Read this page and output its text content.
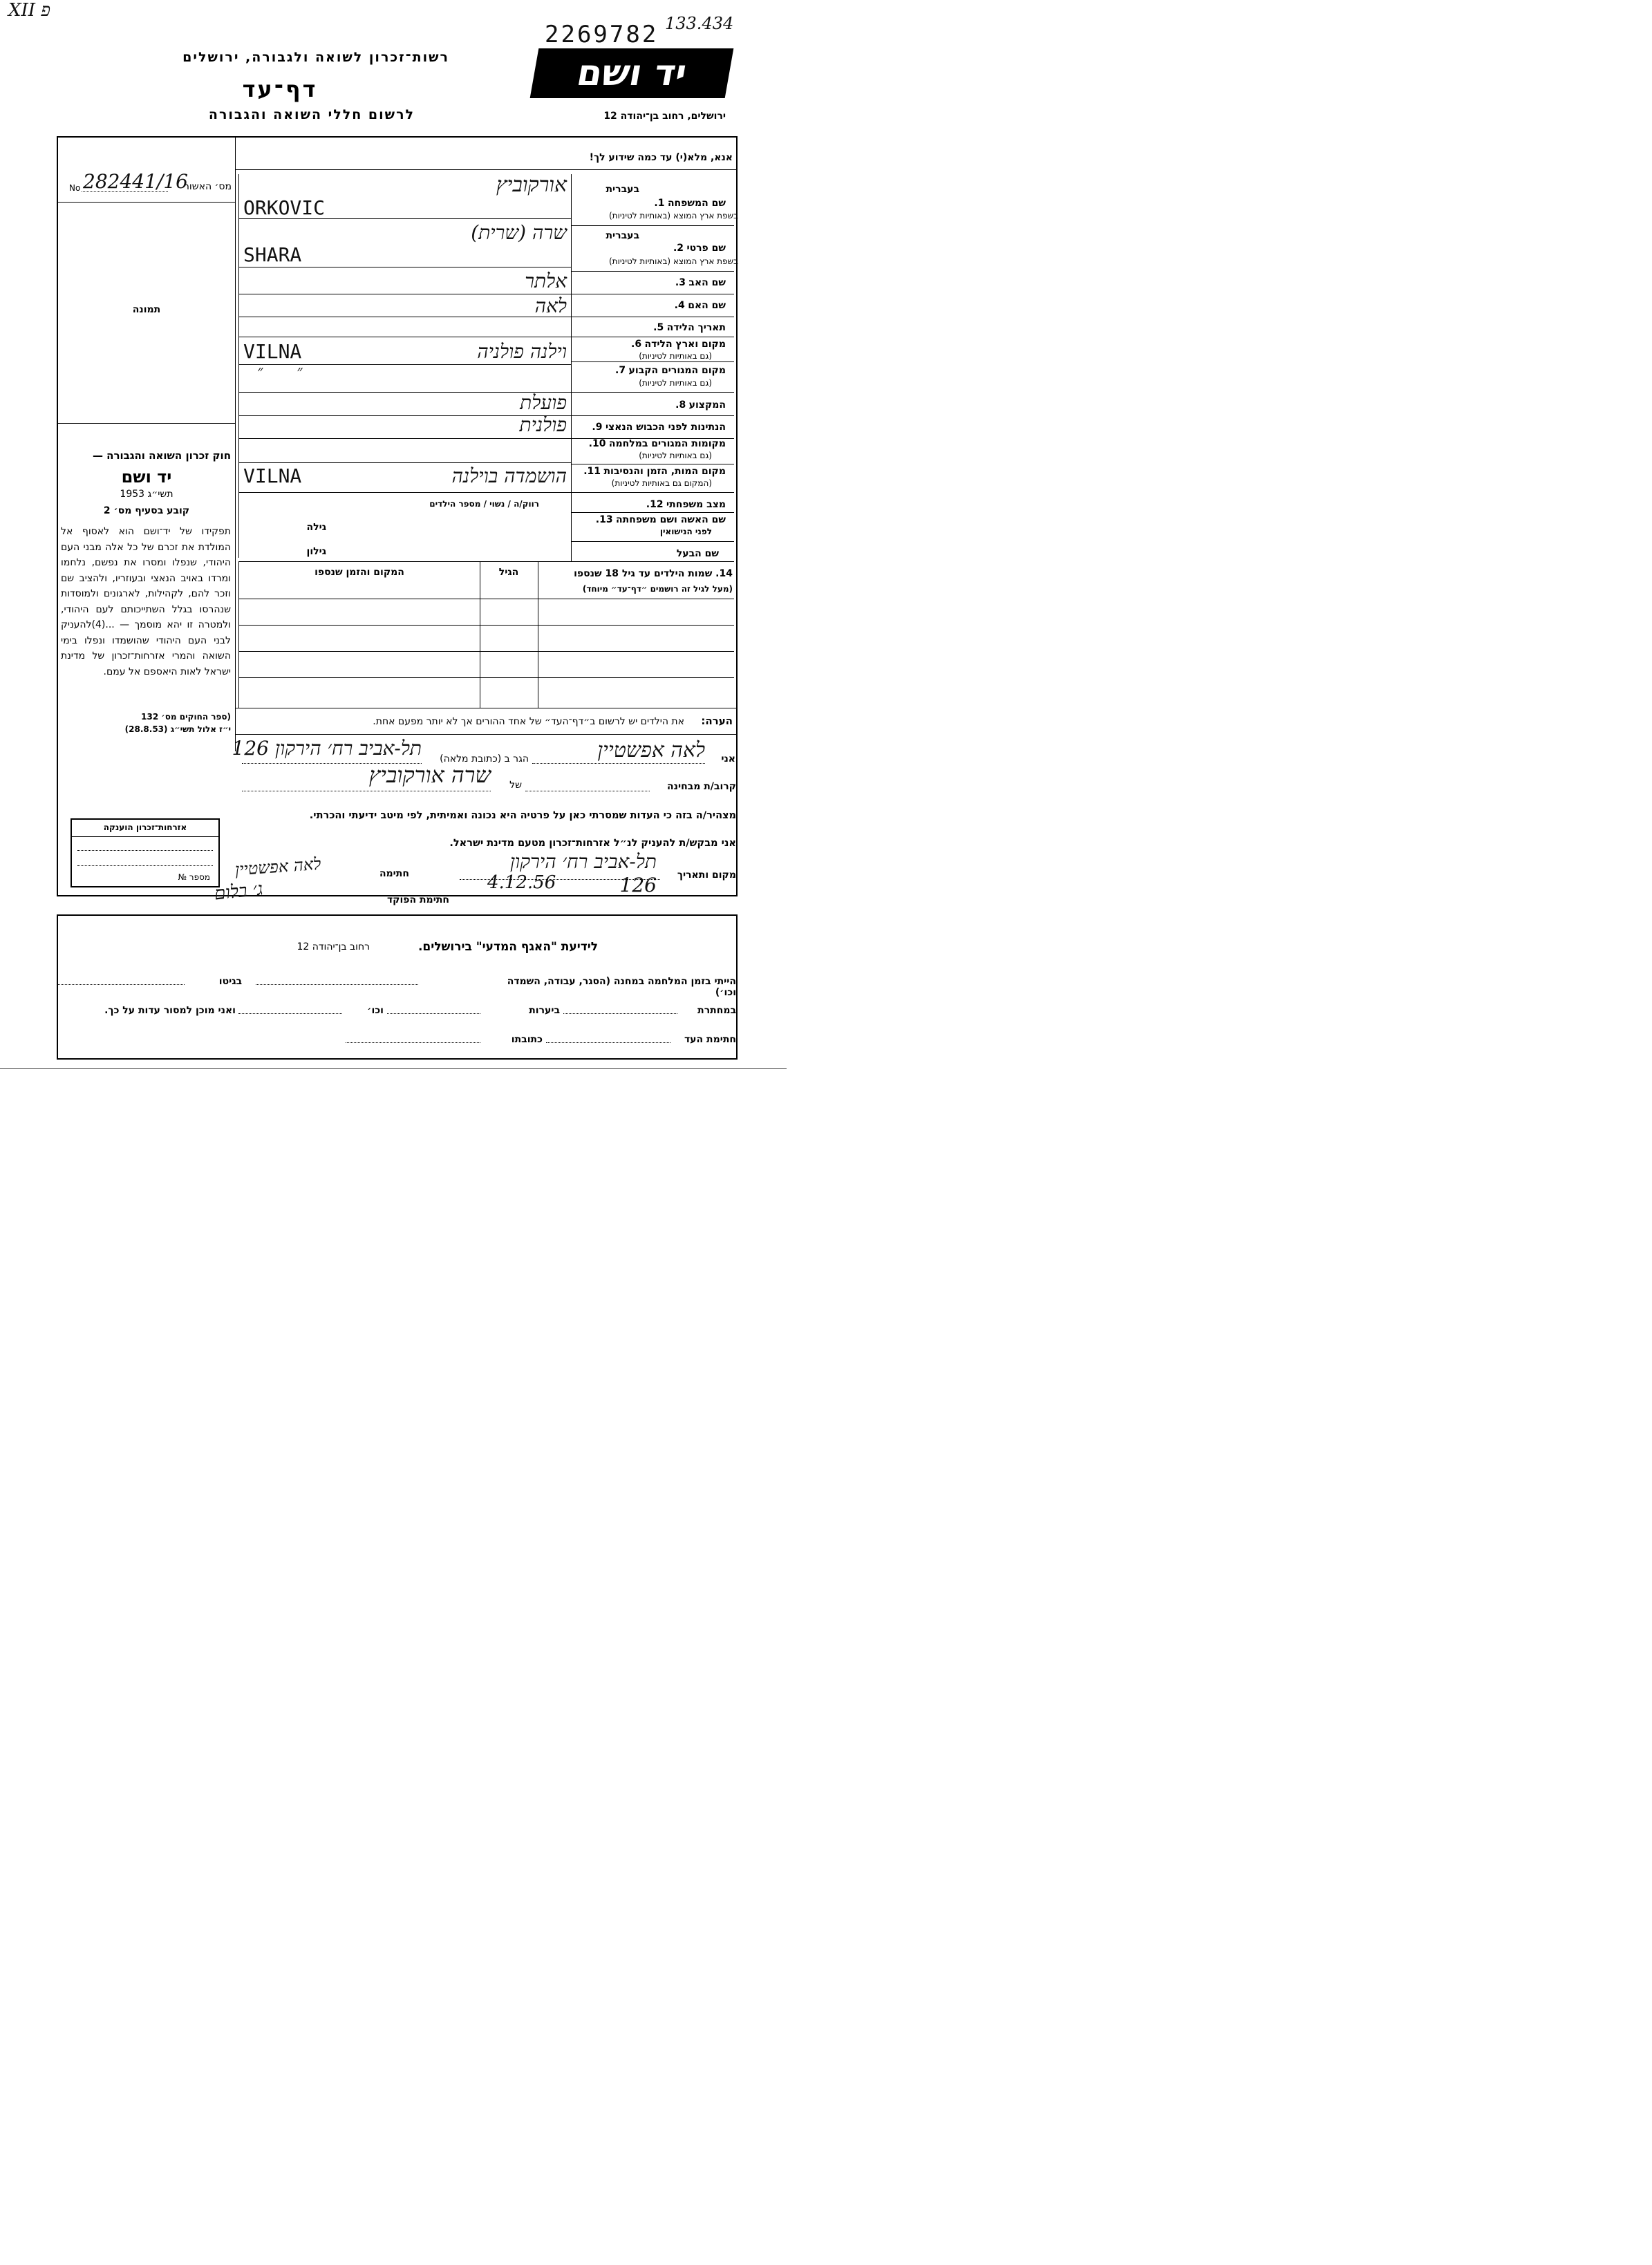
XII פ
2269782 133.434
רשות־זכרון לשואה ולגבורה, ירושלים
דף־עד
לרשום חללי השואה והגבורה
יד ושם
ירושלים, רחוב בן־יהודה 12
מס׳ האשור
No 282441/16
תמונה
חוק זכרון השואה והגבורה —
יד ושם
תשי״ג 1953
קובע בסעיף מס׳ 2
תפקידו של יד־ושם הוא לאסוף אל המולדת את זכרם של כל אלה מבני העם היהודי, שנפלו ומסרו את נפשם, נלחמו ומרדו באויב הנאצי ובעוזריו, ולהציב שם וזכר להם, לקהילות, לארגונים ולמוסדות שנהרסו בגלל השתייכותם לעם היהודי, ולמטרה זו יהא מוסמך — ...(4)להעניק לבני העם היהודי שהושמדו ונפלו בימי השואה והמרי אזרחות־זכרון של מדינת ישראל לאות היאספם אל עמם.
(ספר החוקים מס׳ 132
י״ז אלול תשי״ג (28.8.53)
אזרחות־זכרון הוענקה
מספר №
אנא, מלא(י) עד כמה שידוע לך!
בעברית
שם המשפחה 1.
בשפת ארץ המוצא (באותיות לטיניות)
אורקוביץ
ORKOVIC
בעברית
שם פרטי 2.
בשפת ארץ המוצא (באותיות לטיניות)
שרה (שרית)
SHARA
שם האב 3.
אלתר
שם האם 4.
לאה
תאריך הלידה 5.
מקום וארץ הלידה 6.
(גם באותיות לטיניות)
וילנה פולניה
VILNA
מקום המגורים הקבוע 7.
(גם באותיות לטיניות)
״       ״
המקצוע 8.
פועלת
הנתינות לפני הכבוש הנאצי 9.
פולנית
מקומות המגורים במלחמה 10.
(גם באותיות לטיניות)
מקום המות, הזמן והנסיבות 11.
(המקום גם באותיות לטיניות)
הושמדה בוילנה
VILNA
מצב משפחתי 12.
רווק/ה / נשוי / מספר הילדים
שם האשה ושם משפחתה 13.
לפני הנישואין
גילה
שם הבעל
גילון
14. שמות הילדים עד גיל 18 שנספו
(מעל לגיל זה רושמים ״דף־עד״ מיוחד)
הגיל
המקום והזמן שנספו
את הילדים יש לרשום ב״דף־העד״ של אחד ההורים אך לא יותר מפעם אחת.	הערה:
אני
לאה אפשטיין
הגר ב (כתובת מלאה)
תל-אביב רח׳ הירקון 126
קרוב/ת מבחינה
של
שרה אורקוביץ
מצהיר/ה בזה כי העדות שמסרתי כאן על פרטיה היא נכונה ואמיתית, לפי מיטב ידיעתי והכרתי.
אני מבקש/ת להעניק לנ״ל אזרחות־זכרון מטעם מדינת ישראל.
מקום ותאריך
תל-אביב רח׳ הירקון 126
4.12.56
חתימה
לאה אפשטיין
חתימת הפוקד
ג׳ בלום
לידיעת "האגף המדעי" בירושלים.
רחוב בן־יהודה 12
הייתי בזמן המלחמה במחנה (הסגר, עבודה, השמדה וכו׳)
בגיטו
במחתרת
ביערות
וכו׳
ואני מוכן למסור עדות על כך.
חתימת העד
כתובתו
